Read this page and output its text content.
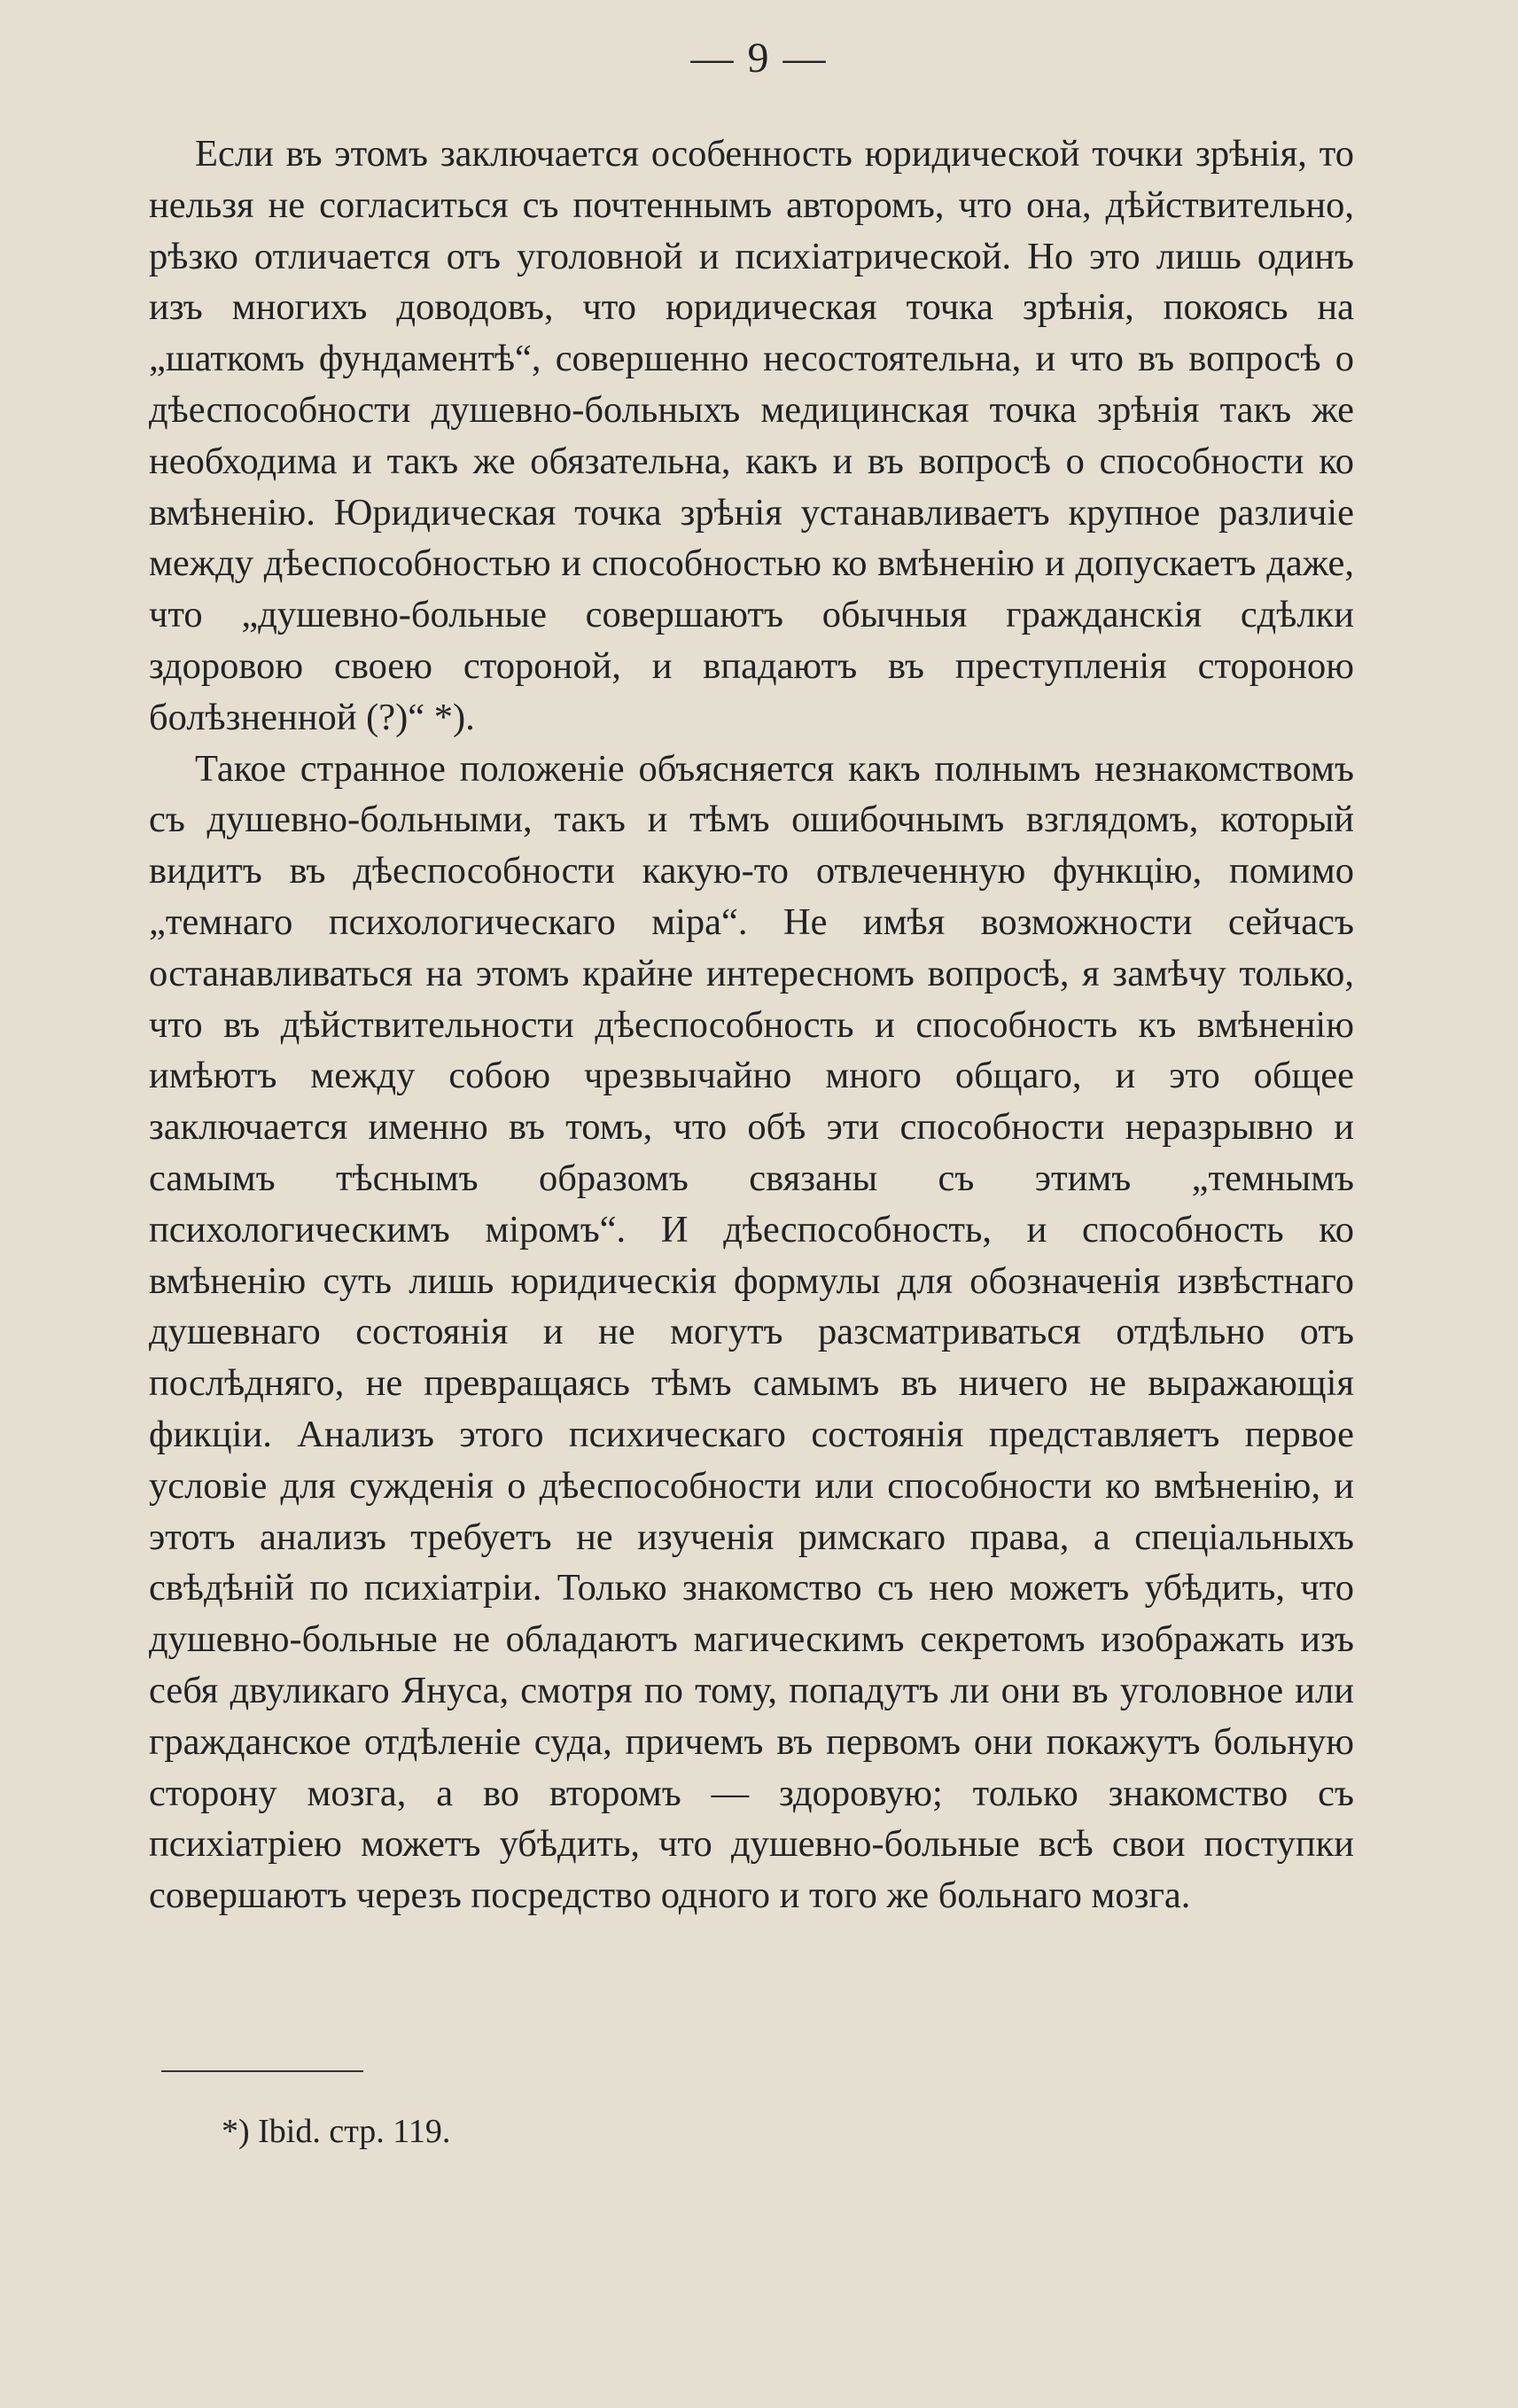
— 9 —

Если въ этомъ заключается особенность юридической точки зрѣнія, то нельзя не согласиться съ почтеннымъ авторомъ, что она, дѣйствительно, рѣзко отличается отъ уголовной и психіатрической. Но это лишь одинъ изъ многихъ доводовъ, что юридическая точка зрѣнія, покоясь на „шаткомъ фундаментѣ“, совершенно несостоятельна, и что въ вопросѣ о дѣеспособности душевно-больныхъ медицинская точка зрѣнія такъ же необходима и такъ же обязательна, какъ и въ вопросѣ о способности ко вмѣненію. Юридическая точка зрѣнія устанавливаетъ крупное различіе между дѣеспособностью и способностью ко вмѣненію и допускаетъ даже, что „душевно-больные совершаютъ обычныя гражданскія сдѣлки здоровою своею стороной, и впадаютъ въ преступленія стороною болѣзненной (?)“ *).

Такое странное положеніе объясняется какъ полнымъ незнакомствомъ съ душевно-больными, такъ и тѣмъ ошибочнымъ взглядомъ, который видитъ въ дѣеспособности какую-то отвлеченную функцію, помимо „темнаго психологическаго міра“. Не имѣя возможности сейчасъ останавливаться на этомъ крайне интересномъ вопросѣ, я замѣчу только, что въ дѣйствительности дѣеспособность и способность къ вмѣненію имѣютъ между собою чрезвычайно много общаго, и это общее заключается именно въ томъ, что обѣ эти способности неразрывно и самымъ тѣснымъ образомъ связаны съ этимъ „темнымъ психологическимъ міромъ“. И дѣеспособность, и способность ко вмѣненію суть лишь юридическія формулы для обозначенія извѣстнаго душевнаго состоянія и не могутъ разсматриваться отдѣльно отъ послѣдняго, не превращаясь тѣмъ самымъ въ ничего не выражающія фикціи. Анализъ этого психическаго состоянія представляетъ первое условіе для сужденія о дѣеспособности или способности ко вмѣненію, и этотъ анализъ требуетъ не изученія римскаго права, а спеціальныхъ свѣдѣній по психіатріи. Только знакомство съ нею можетъ убѣдить, что душевно-больные не обладаютъ магическимъ секретомъ изображать изъ себя двуликаго Януса, смотря по тому, попадутъ ли они въ уголовное или гражданское отдѣленіе суда, причемъ въ первомъ они покажутъ больную сторону мозга, а во второмъ — здоровую; только знакомство съ психіатріею можетъ убѣдить, что душевно-больные всѣ свои поступки совершаютъ черезъ посредство одного и того же больнаго мозга.

*) Ibid. стр. 119.
